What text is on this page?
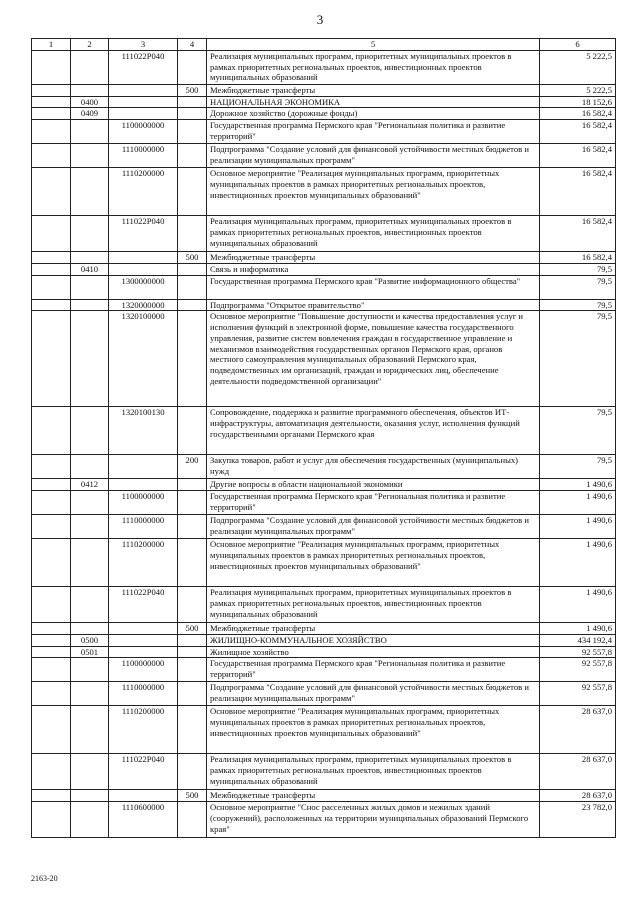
3
1	2	3	4	5	6
		111022P040		Реализация муниципальных программ, приоритетных муниципальных проектов в рамках приоритетных региональных проектов, инвестиционных проектов муниципальных образований	5 222,5
			500	Межбюджетные трансферты	5 222,5
	0400			НАЦИОНАЛЬНАЯ ЭКОНОМИКА	18 152,6
	0409			Дорожное хозяйство (дорожные фонды)	16 582,4
		1100000000		Государственная программа Пермского края "Региональная политика и развитие территорий"	16 582,4
		1110000000		Подпрограмма "Создание условий для финансовой устойчивости местных бюджетов и реализации муниципальных программ"	16 582,4
		1110200000		Основное мероприятие "Реализация муниципальных программ, приоритетных муниципальных проектов в рамках приоритетных региональных проектов, инвестиционных проектов муниципальных образований"	16 582,4
		111022P040		Реализация муниципальных программ, приоритетных муниципальных проектов в рамках приоритетных региональных проектов, инвестиционных проектов муниципальных образований	16 582,4
			500	Межбюджетные трансферты	16 582,4
	0410			Связь и информатика	79,5
		1300000000		Государственная программа Пермского края "Развитие информационного общества"	79,5
		1320000000		Подпрограмма "Открытое правительство"	79,5
		1320100000		Основное мероприятие "Повышение доступности и качества предоставления услуг и исполнения функций в электронной форме, повышение качества государственного управления, развитие систем вовлечения граждан в государственное управление и механизмов взаимодействия государственных органов Пермского края, органов местного самоуправления муниципальных образований Пермского края, подведомственных им организаций, граждан и юридических лиц, обеспечение деятельности подведомственной организации"	79,5
		1320100130		Сопровождение, поддержка и развитие программного обеспечения, объектов ИТ-инфраструктуры, автоматизация деятельности, оказания услуг, исполнения функций государственными органами Пермского края	79,5
			200	Закупка товаров, работ и услуг для обеспечения государственных (муниципальных) нужд	79,5
	0412			Другие вопросы в области национальной экономики	1 490,6
		1100000000		Государственная программа Пермского края "Региональная политика и развитие территорий"	1 490,6
		1110000000		Подпрограмма "Создание условий для финансовой устойчивости местных бюджетов и реализации муниципальных программ"	1 490,6
		1110200000		Основное мероприятие "Реализация муниципальных программ, приоритетных муниципальных проектов в рамках приоритетных региональных проектов, инвестиционных проектов муниципальных образований"	1 490,6
		111022P040		Реализация муниципальных программ, приоритетных муниципальных проектов в рамках приоритетных региональных проектов, инвестиционных проектов муниципальных образований	1 490,6
			500	Межбюджетные трансферты	1 490,6
	0500			ЖИЛИЩНО-КОММУНАЛЬНОЕ ХОЗЯЙСТВО	434 192,4
	0501			Жилищное хозяйство	92 557,8
		1100000000		Государственная программа Пермского края "Региональная политика и развитие территорий"	92 557,8
		1110000000		Подпрограмма "Создание условий для финансовой устойчивости местных бюджетов и реализации муниципальных программ"	92 557,8
		1110200000		Основное мероприятие "Реализация муниципальных программ, приоритетных муниципальных проектов в рамках приоритетных региональных проектов, инвестиционных проектов муниципальных образований"	28 637,0
		111022P040		Реализация муниципальных программ, приоритетных муниципальных проектов в рамках приоритетных региональных проектов, инвестиционных проектов муниципальных образований	28 637,0
			500	Межбюджетные трансферты	28 637,0
		1110600000		Основное мероприятие "Снос расселенных жилых домов и нежилых зданий (сооружений), расположенных на территории муниципальных образований Пермского края"	23 782,0
2163-20
